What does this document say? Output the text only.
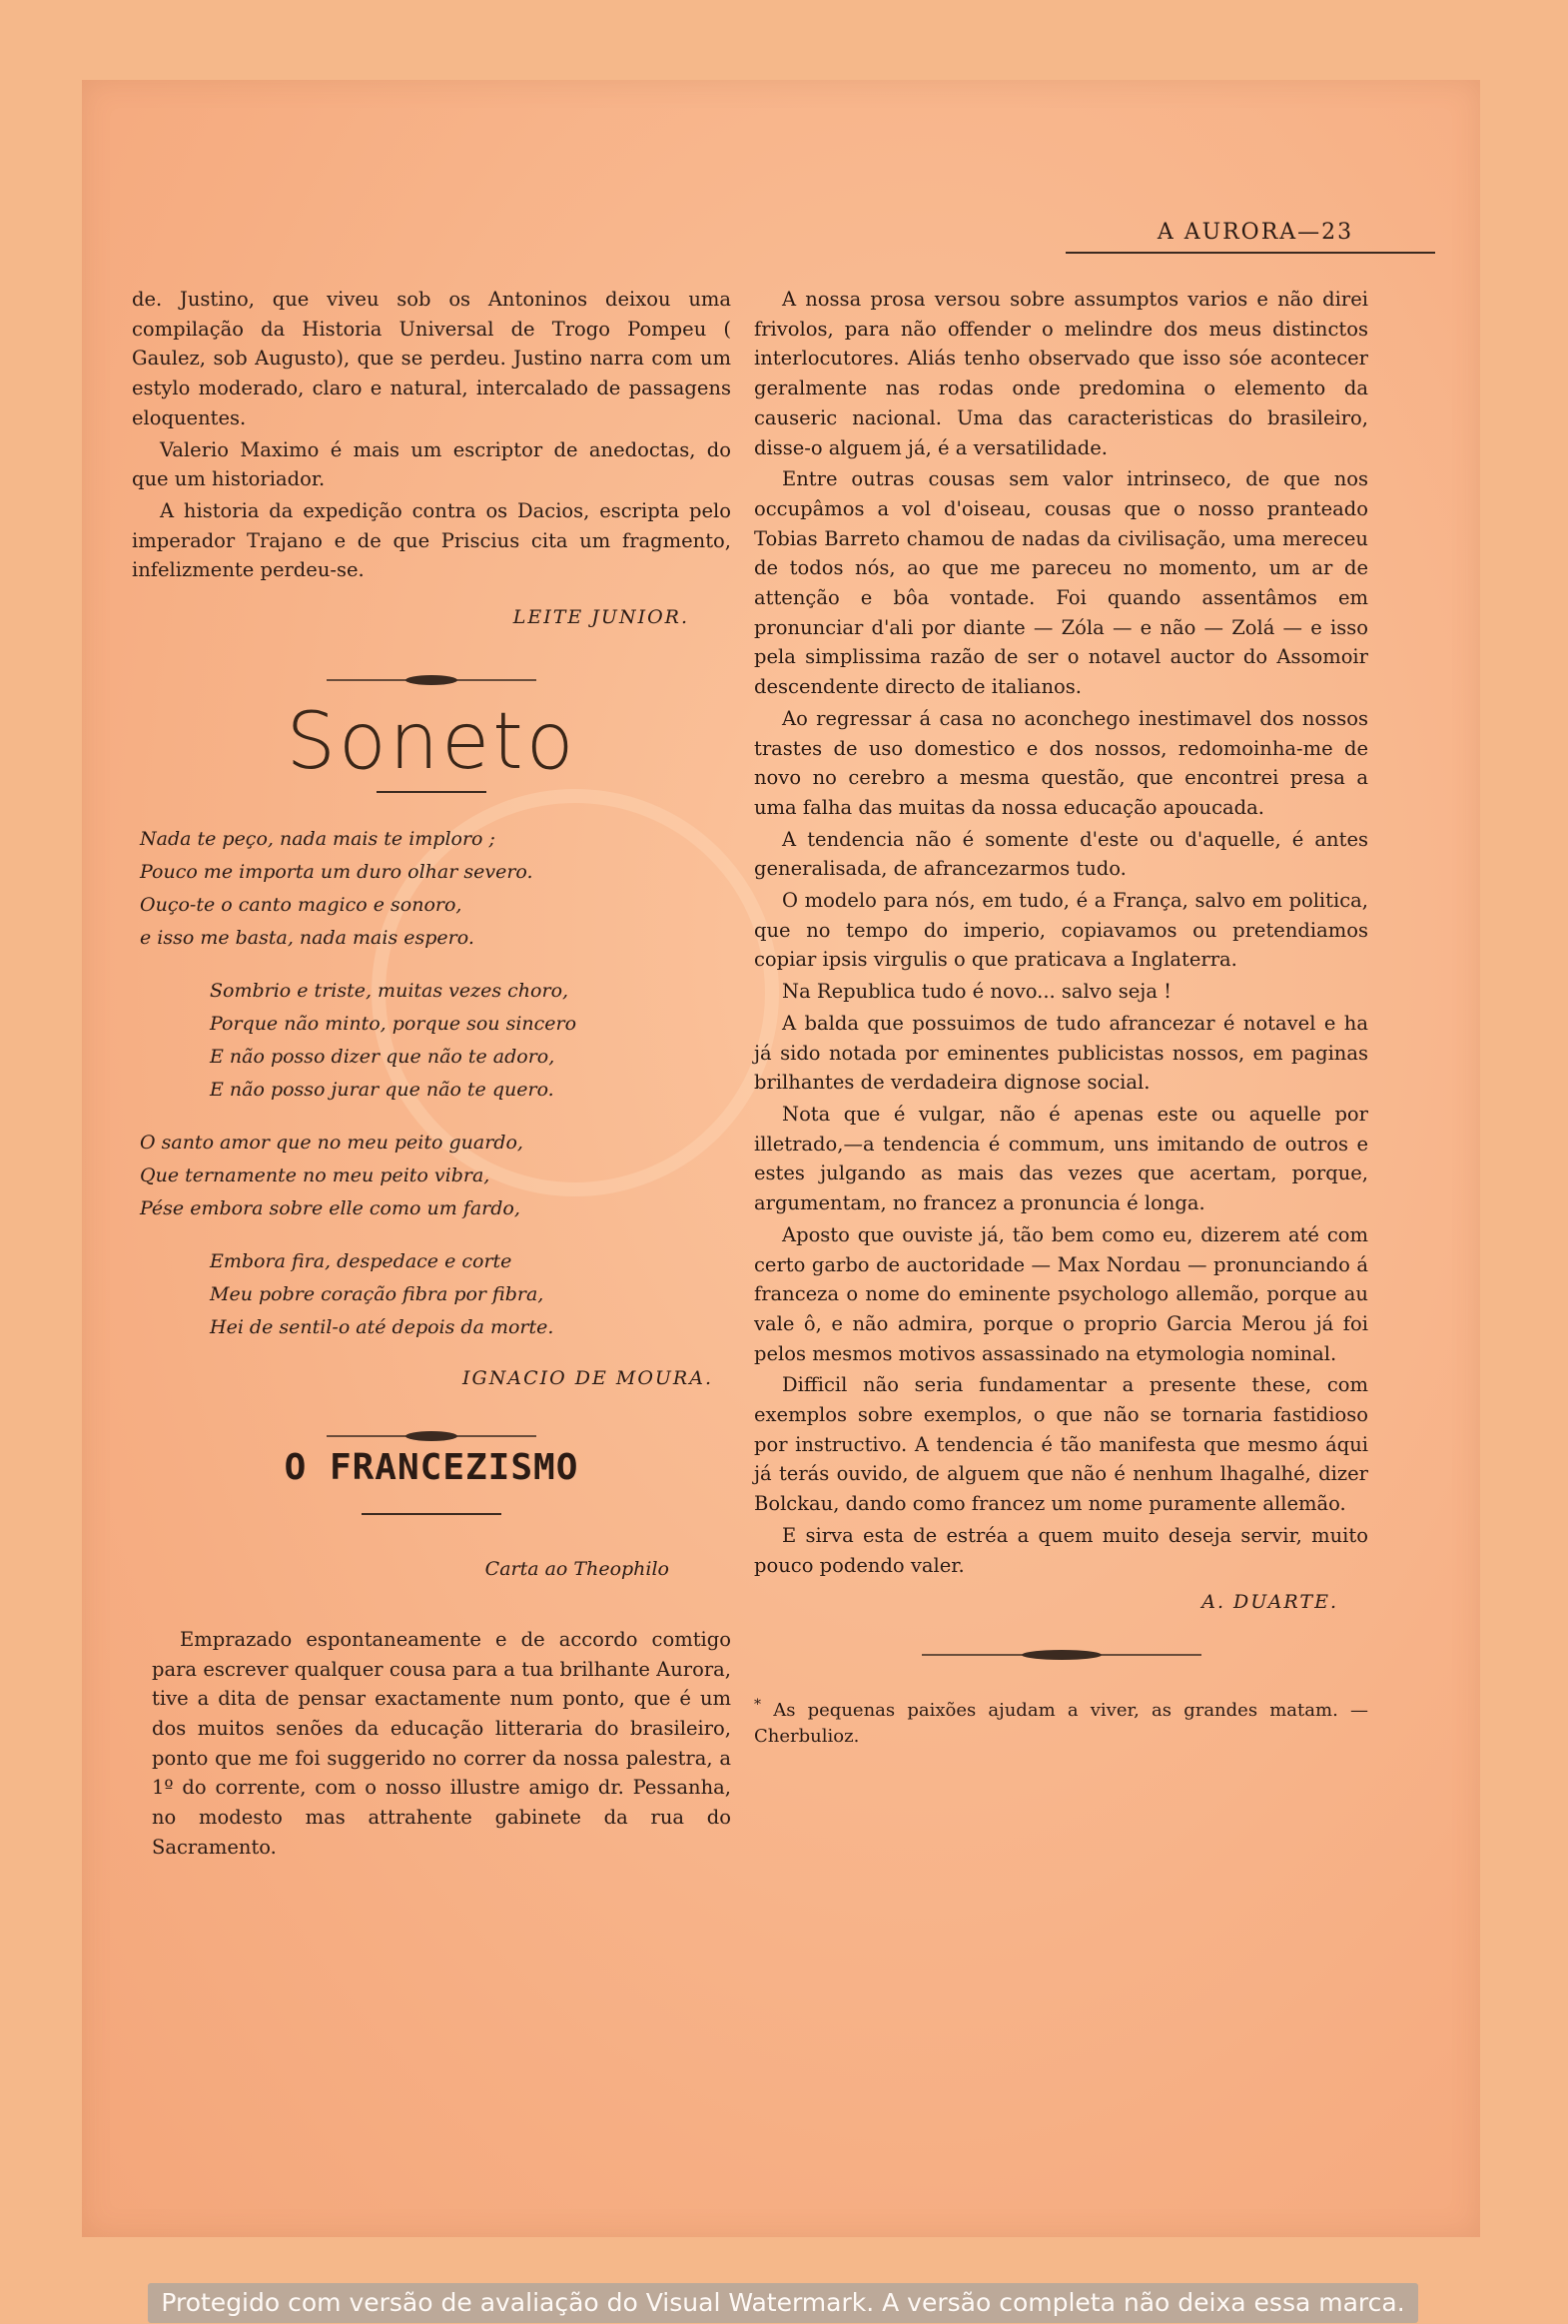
A AURORA—23

de. Justino, que viveu sob os Antoninos deixou uma compilação da Historia Universal de Trogo Pompeu ( Gaulez, sob Augusto), que se perdeu. Justino narra com um estylo moderado, claro e natural, intercalado de passagens eloquentes.

Valerio Maximo é mais um escriptor de anedoctas, do que um historiador.

A historia da expedição contra os Dacios, escripta pelo imperador Trajano e de que Priscius cita um fragmento, infelizmente perdeu-se.

LEITE JUNIOR.
Soneto
Nada te peço, nada mais te imploro ;
Pouco me importa um duro olhar severo.
Ouço-te o canto magico e sonoro,
e isso me basta, nada mais espero.
Sombrio e triste, muitas vezes choro,
Porque não minto, porque sou sincero
E não posso dizer que não te adoro,
E não posso jurar que não te quero.
O santo amor que no meu peito guardo,
Que ternamente no meu peito vibra,
Pése embora sobre elle como um fardo,
Embora fira, despedace e corte
Meu pobre coração fibra por fibra,
Hei de sentil-o até depois da morte.
IGNACIO DE MOURA.
O FRANCEZISMO
Carta ao Theophilo

Emprazado espontaneamente e de accordo comtigo para escrever qualquer cousa para a tua brilhante Aurora, tive a dita de pensar exactamente num ponto, que é um dos muitos senões da educação litteraria do brasileiro, ponto que me foi suggerido no correr da nossa palestra, a 1º do corrente, com o nosso illustre amigo dr. Pessanha, no modesto mas attrahente gabinete da rua do Sacramento.

A nossa prosa versou sobre assumptos varios e não direi frivolos, para não offender o melindre dos meus distinctos interlocutores. Aliás tenho observado que isso sóe acontecer geralmente nas rodas onde predomina o elemento da causeric nacional. Uma das caracteristicas do brasileiro, disse-o alguem já, é a versatilidade.

Entre outras cousas sem valor intrinseco, de que nos occupâmos a vol d'oiseau, cousas que o nosso pranteado Tobias Barreto chamou de nadas da civilisação, uma mereceu de todos nós, ao que me pareceu no momento, um ar de attenção e bôa vontade. Foi quando assentâmos em pronunciar d'ali por diante — Zóla — e não — Zolá — e isso pela simplissima razão de ser o notavel auctor do Assomoir descendente directo de italianos.

Ao regressar á casa no aconchego inestimavel dos nossos trastes de uso domestico e dos nossos, redomoinha-me de novo no cerebro a mesma questão, que encontrei presa a uma falha das muitas da nossa educação apoucada.

A tendencia não é somente d'este ou d'aquelle, é antes generalisada, de afrancezarmos tudo.

O modelo para nós, em tudo, é a França, salvo em politica, que no tempo do imperio, copiavamos ou pretendiamos copiar ipsis virgulis o que praticava a Inglaterra.

Na Republica tudo é novo... salvo seja !

A balda que possuimos de tudo afrancezar é notavel e ha já sido notada por eminentes publicistas nossos, em paginas brilhantes de verdadeira dignose social.

Nota que é vulgar, não é apenas este ou aquelle por illetrado,—a tendencia é commum, uns imitando de outros e estes julgando as mais das vezes que acertam, porque, argumentam, no francez a pronuncia é longa.

Aposto que ouviste já, tão bem como eu, dizerem até com certo garbo de auctoridade — Max Nordau — pronunciando á franceza o nome do eminente psychologo allemão, porque au vale ô, e não admira, porque o proprio Garcia Merou já foi pelos mesmos motivos assassinado na etymologia nominal.

Difficil não seria fundamentar a presente these, com exemplos sobre exemplos, o que não se tornaria fastidioso por instructivo. A tendencia é tão manifesta que mesmo áqui já terás ouvido, de alguem que não é nenhum lhagalhé, dizer Bolckau, dando como francez um nome puramente allemão.

E sirva esta de estréa a quem muito deseja servir, muito pouco podendo valer.

A. DUARTE.
* As pequenas paixões ajudam a viver, as grandes matam. — Cherbulioz.
Protegido com versão de avaliação do Visual Watermark. A versão completa não deixa essa marca.
